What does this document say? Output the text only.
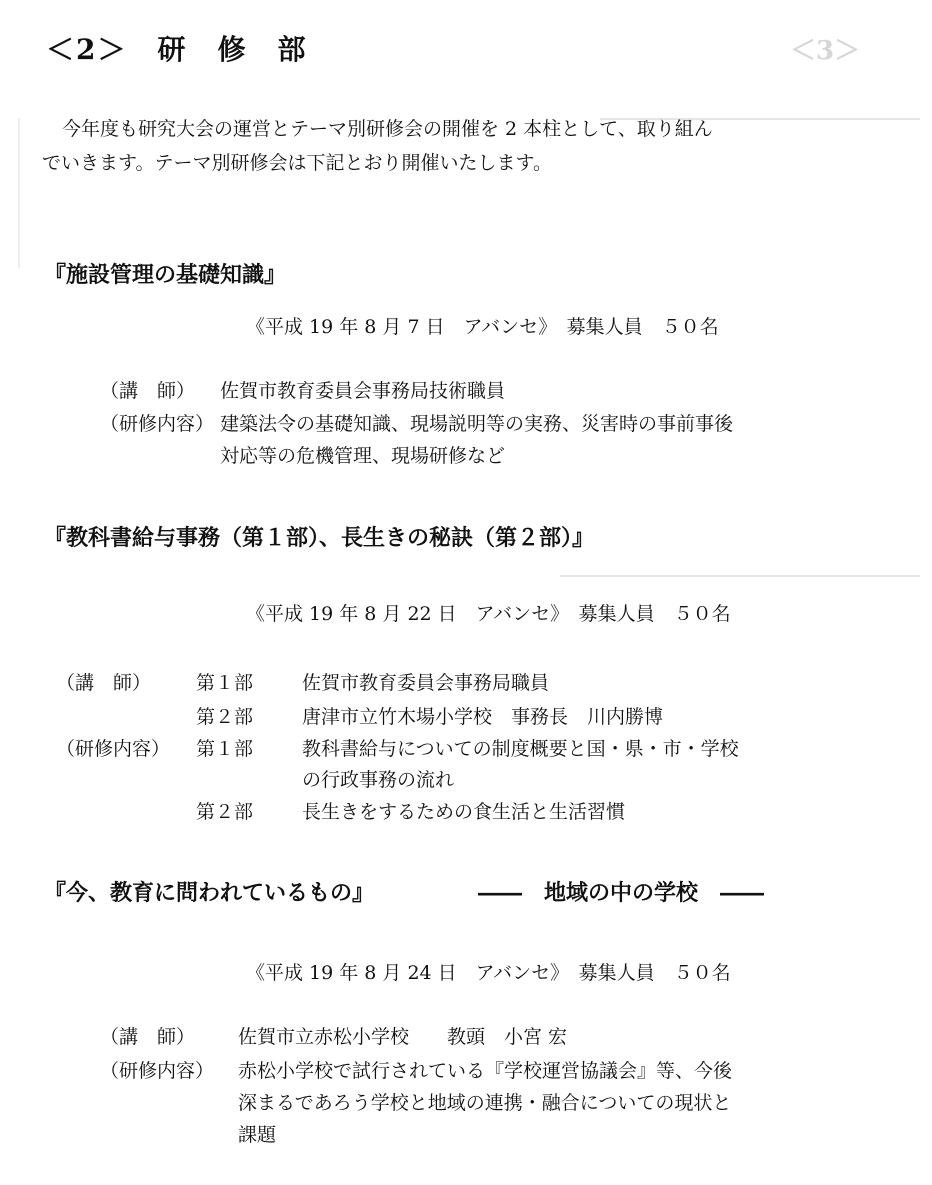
＜3＞
＜2＞　研　修　部
今年度も研究大会の運営とテーマ別研修会の開催を 2 本柱として、取り組ん
でいきます。テーマ別研修会は下記とおり開催いたします。
『施設管理の基礎知識』
《平成 19 年 8 月 7 日　アバンセ》　募集人員　５０名
（講　師） 佐賀市教育委員会事務局技術職員
（研修内容） 建築法令の基礎知識、現場説明等の実務、災害時の事前事後
対応等の危機管理、現場研修など
『教科書給与事務（第１部）、長生きの秘訣（第２部）』
《平成 19 年 8 月 22 日　アバンセ》　募集人員　５０名
（講　師） 第１部	佐賀市教育委員会事務局職員
第２部	唐津市立竹木場小学校　事務長　川内勝博
（研修内容） 第１部	教科書給与についての制度概要と国・県・市・学校
の行政事務の流れ
第２部	長生きをするための食生活と生活習慣
『今、教育に問われているもの』	――　地域の中の学校　――
《平成 19 年 8 月 24 日　アバンセ》　募集人員　５０名
（講　師） 佐賀市立赤松小学校　　教頭　小宮 宏
（研修内容） 赤松小学校で試行されている『学校運営協議会』等、今後
深まるであろう学校と地域の連携・融合についての現状と
課題
